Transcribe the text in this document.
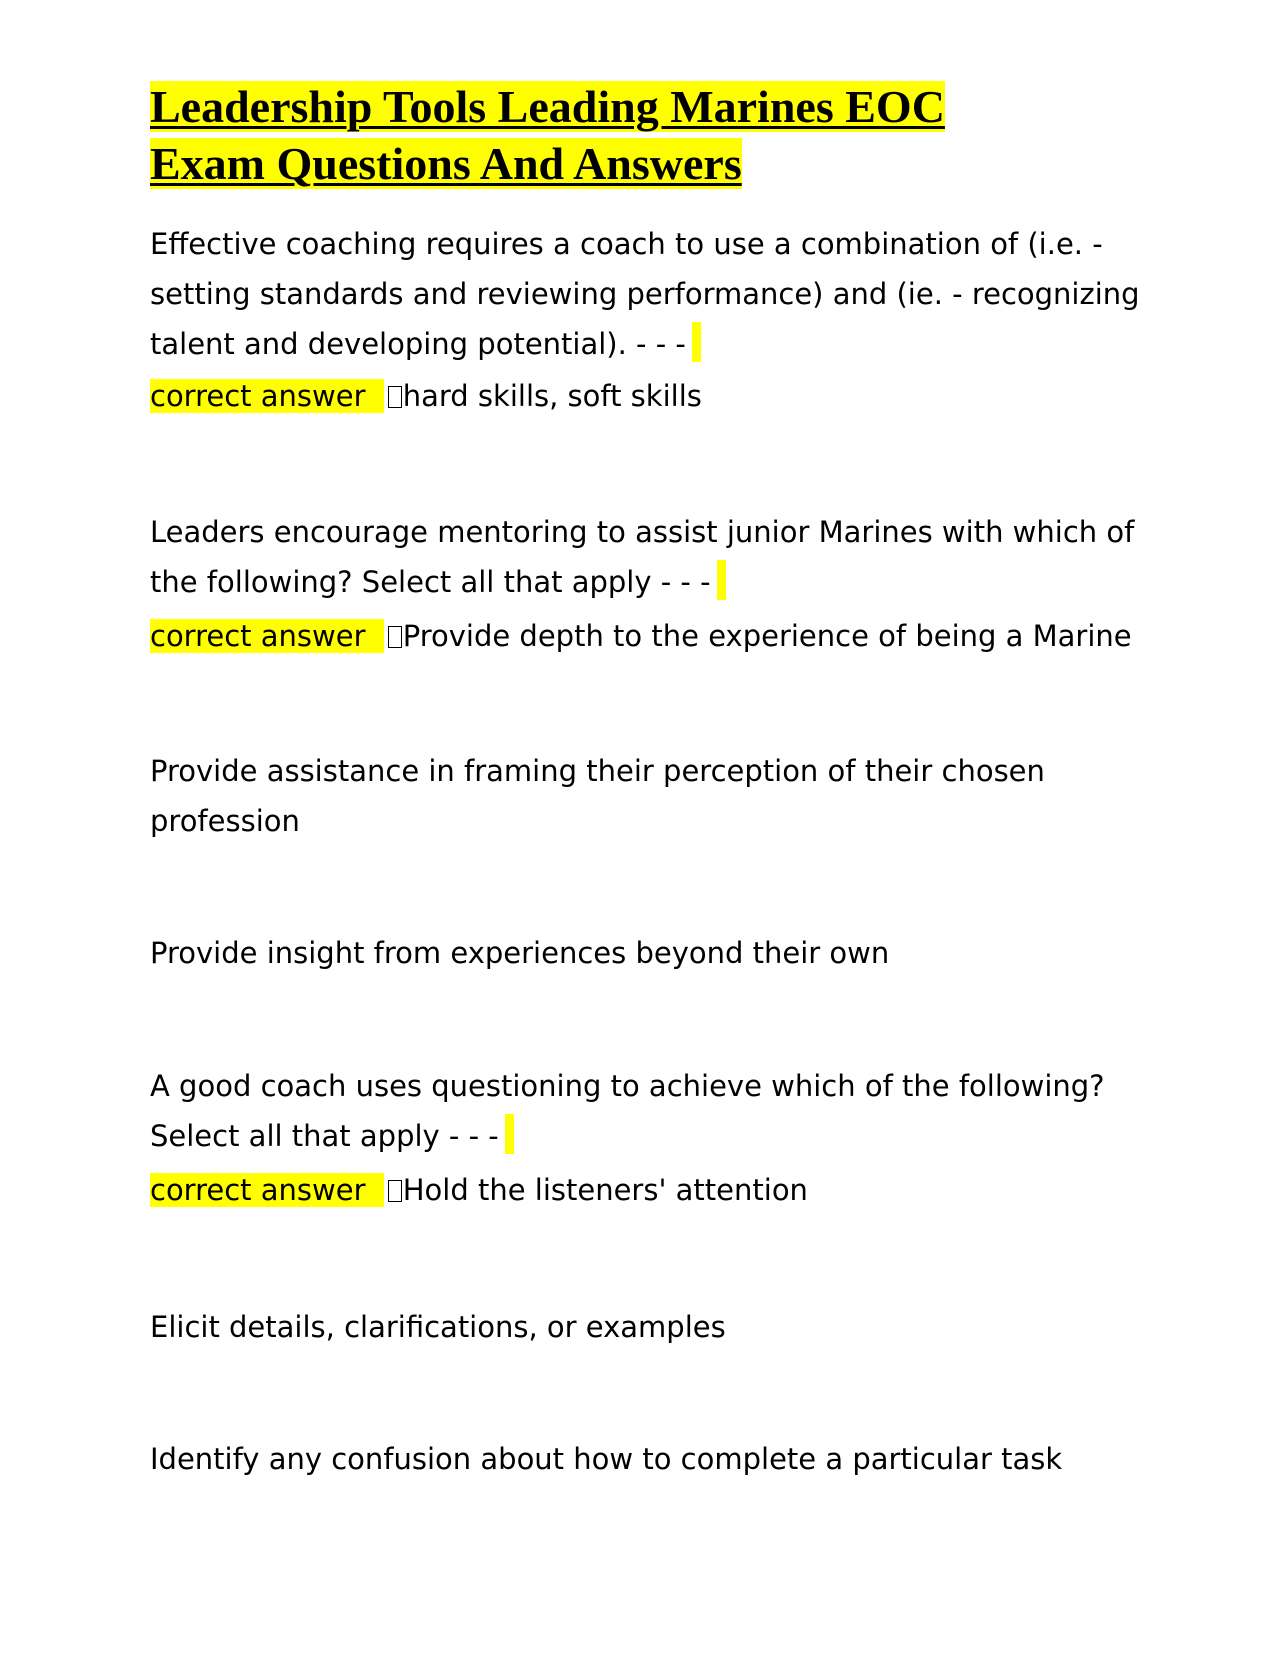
Leadership Tools Leading Marines EOC
Exam Questions And Answers

Effective coaching requires a coach to use a combination of (i.e. - setting standards and reviewing performance) and (ie. - recognizing talent and developing potential). - - -

correct answer hard skills, soft skills

Leaders encourage mentoring to assist junior Marines with which of the following? Select all that apply - - -

correct answer Provide depth to the experience of being a Marine

Provide assistance in framing their perception of their chosen profession

Provide insight from experiences beyond their own

A good coach uses questioning to achieve which of the following? Select all that apply - - -

correct answer Hold the listeners' attention

Elicit details, clarifications, or examples

Identify any confusion about how to complete a particular task
